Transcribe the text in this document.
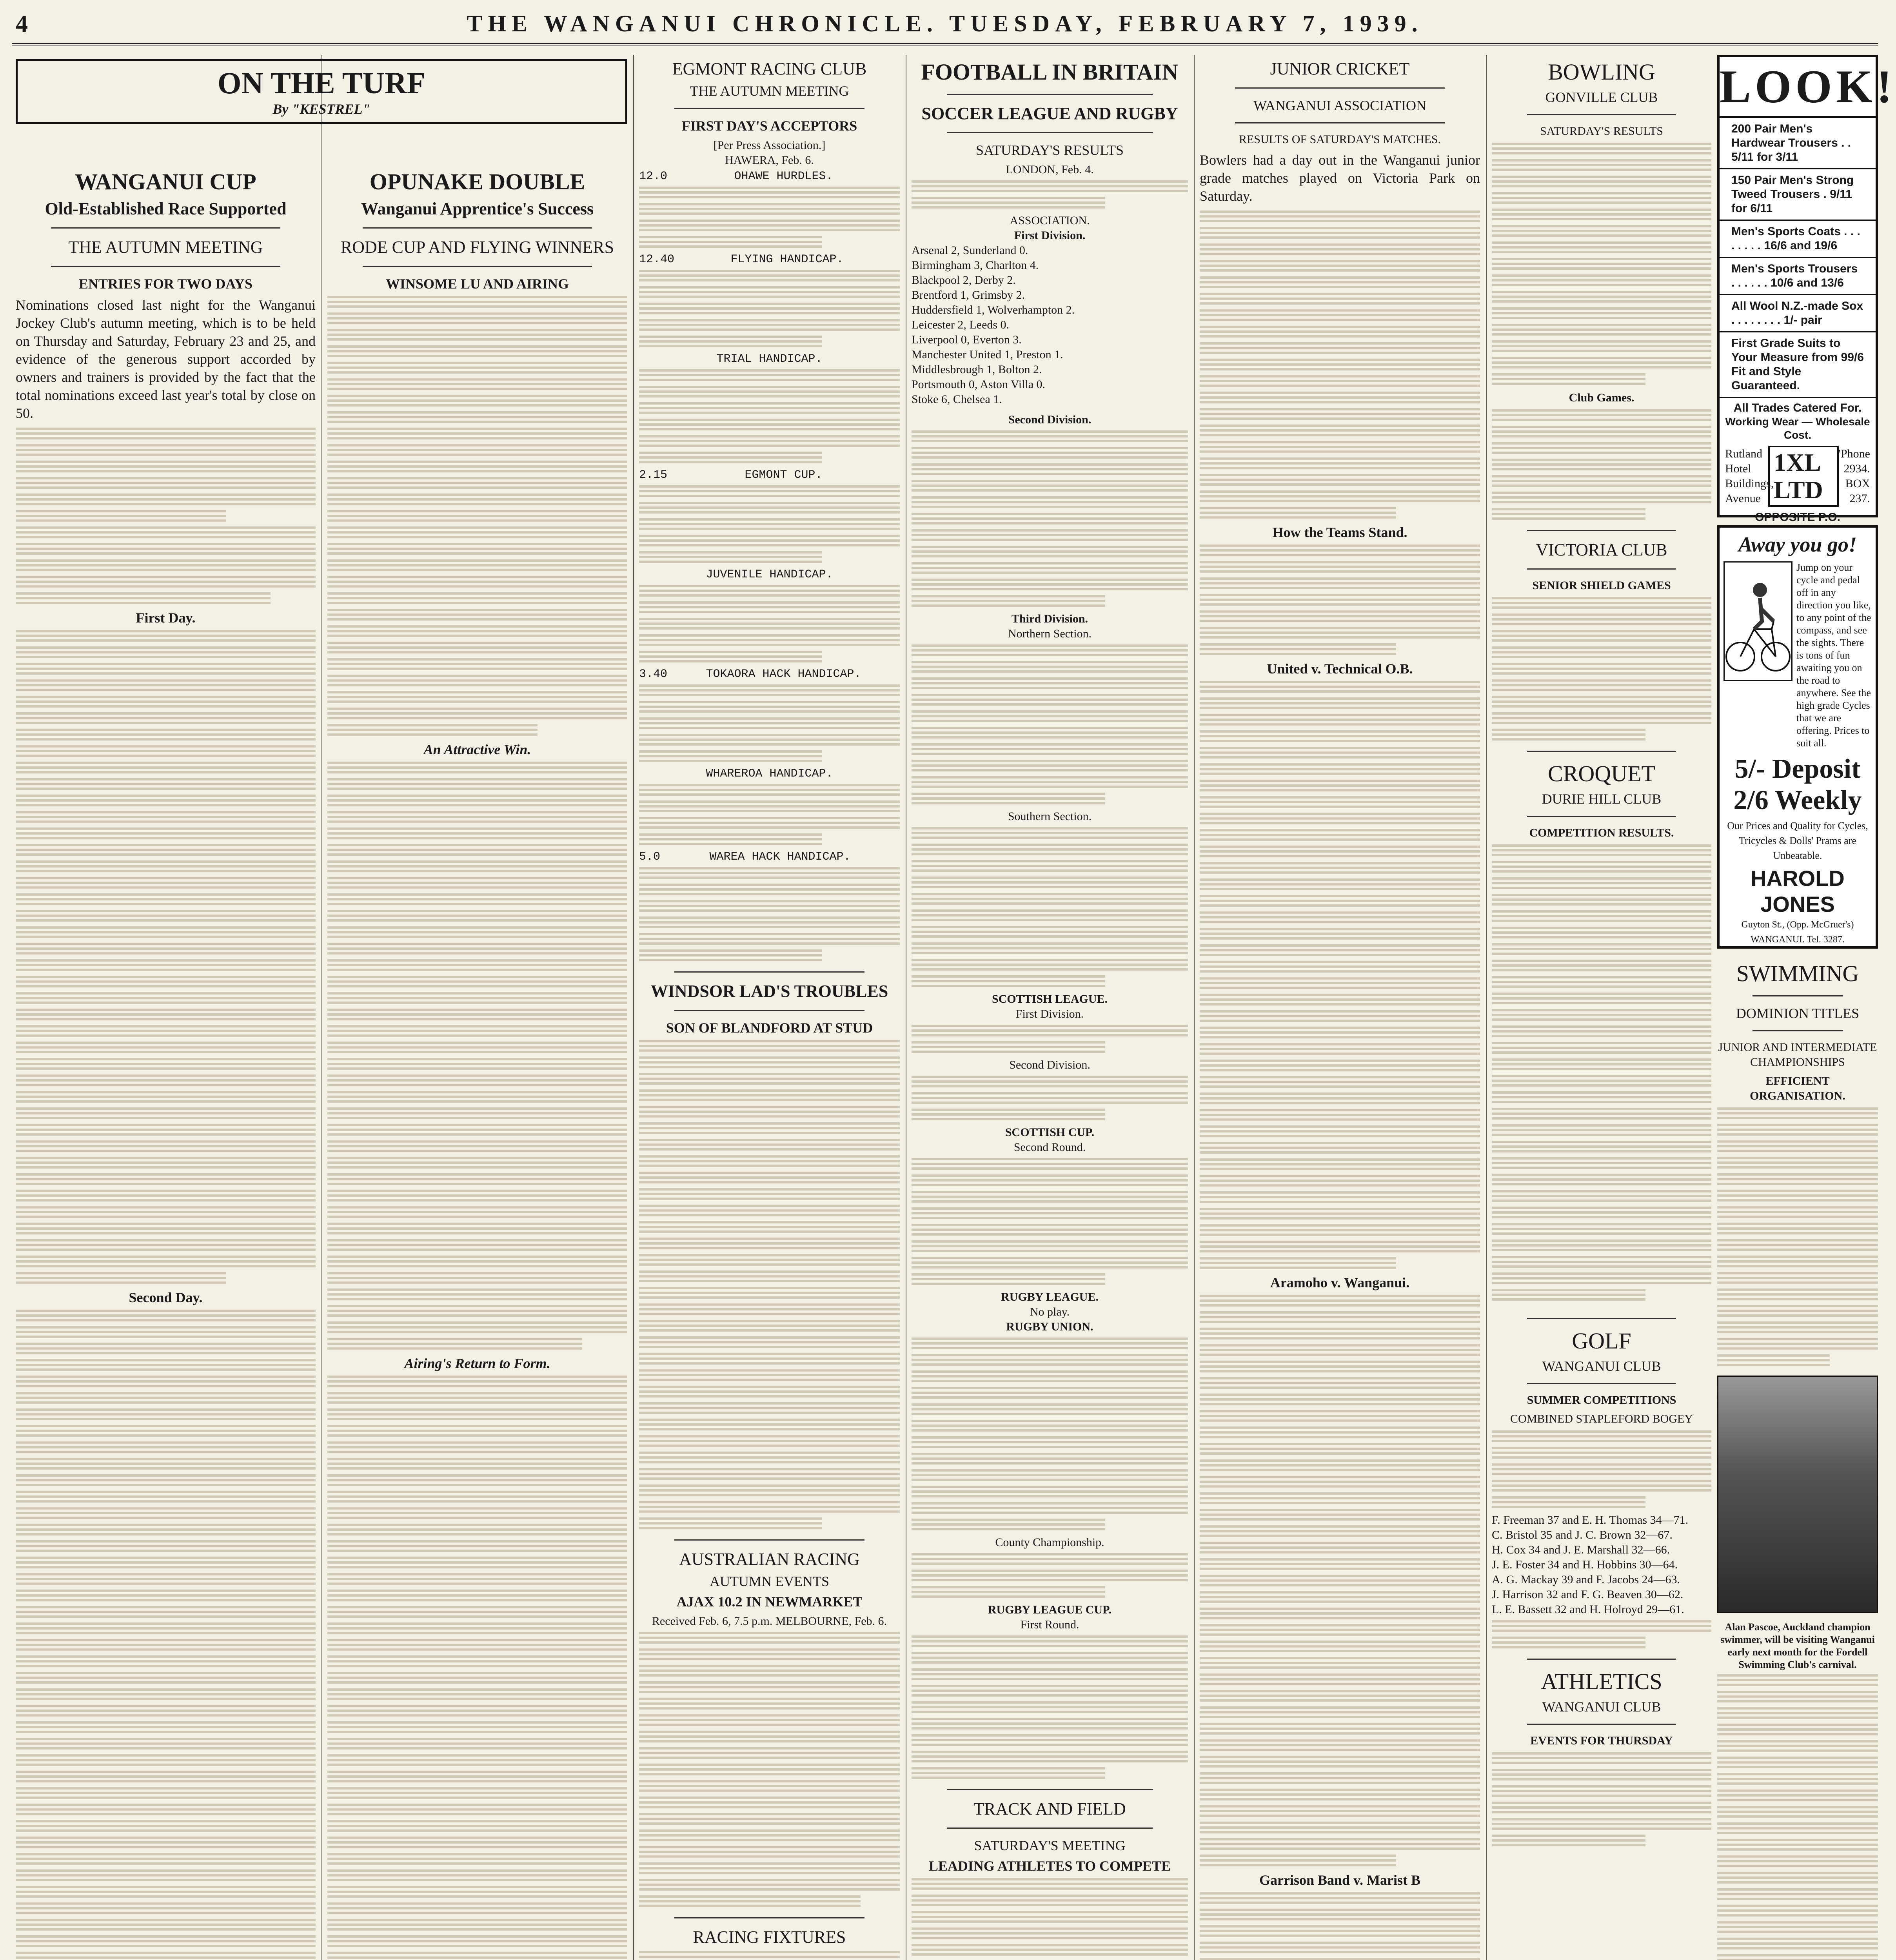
4	THE WANGANUI CHRONICLE. TUESDAY, FEBRUARY 7, 1939.
ON THE TURF
By "KESTREL"
WANGANUI CUP
Old-Established Race Supported
THE AUTUMN MEETING
ENTRIES FOR TWO DAYS

Nominations closed last night for the Wanganui Jockey Club's autumn meeting, which is to be held on Thursday and Saturday, February 23 and 25, and evidence of the generous support accorded by owners and trainers is provided by the fact that the total nominations exceed last year's total by close on 50.

First Day.
Second Day.
OPUNAKE DOUBLE
Wanganui Apprentice's Success
RODE CUP AND FLYING WINNERS
WINSOME LU AND AIRING
An Attractive Win.
Airing's Return to Form.
EGMONT RACING CLUB
THE AUTUMN MEETING
FIRST DAY'S ACCEPTORS
[Per Press Association.]
HAWERA, Feb. 6.
12.0	OHAWE HURDLES.
12.40	FLYING HANDICAP.
TRIAL HANDICAP.
2.15	EGMONT CUP.
JUVENILE HANDICAP.
3.40	TOKAORA HACK HANDICAP.
WHAREROA HANDICAP.
5.0	WAREA HACK HANDICAP.
WINDSOR LAD'S TROUBLES
SON OF BLANDFORD AT STUD
AUSTRALIAN RACING
AUTUMN EVENTS
AJAX 10.2 IN NEWMARKET
Received Feb. 6, 7.5 p.m. MELBOURNE, Feb. 6.
RACING FIXTURES
FOOTBALL IN BRITAIN
SOCCER LEAGUE AND RUGBY
SATURDAY'S RESULTS
LONDON, Feb. 4.
ASSOCIATION.
First Division.
Arsenal 2, Sunderland 0.
Birmingham 3, Charlton 4.
Blackpool 2, Derby 2.
Brentford 1, Grimsby 2.
Huddersfield 1, Wolverhampton 2.
Leicester 2, Leeds 0.
Liverpool 0, Everton 3.
Manchester United 1, Preston 1.
Middlesbrough 1, Bolton 2.
Portsmouth 0, Aston Villa 0.
Stoke 6, Chelsea 1.
Second Division.
Third Division.
Northern Section.
Southern Section.
SCOTTISH LEAGUE.
First Division.
Second Division.
SCOTTISH CUP.
Second Round.
RUGBY LEAGUE.
No play.
RUGBY UNION.
County Championship.
RUGBY LEAGUE CUP.
First Round.
TRACK AND FIELD
SATURDAY'S MEETING
LEADING ATHLETES TO COMPETE
JUNIOR CRICKET
WANGANUI ASSOCIATION
RESULTS OF SATURDAY'S MATCHES.

Bowlers had a day out in the Wanganui junior grade matches played on Victoria Park on Saturday.

How the Teams Stand.
United v. Technical O.B.
Aramoho v. Wanganui.
Garrison Band v. Marist B
BOWLING
GONVILLE CLUB
SATURDAY'S RESULTS
Club Games.
VICTORIA CLUB
SENIOR SHIELD GAMES
CROQUET
DURIE HILL CLUB
COMPETITION RESULTS.
GOLF
WANGANUI CLUB
SUMMER COMPETITIONS
COMBINED STAPLEFORD BOGEY
F. Freeman 37 and E. H. Thomas 34—71.
C. Bristol 35 and J. C. Brown 32—67.
H. Cox 34 and J. E. Marshall 32—66.
J. E. Foster 34 and H. Hobbins 30—64.
A. G. Mackay 39 and F. Jacobs 24—63.
J. Harrison 32 and F. G. Beaven 30—62.
L. E. Bassett 32 and H. Holroyd 29—61.
ATHLETICS
WANGANUI CLUB
EVENTS FOR THURSDAY
LOOK!
200 Pair Men's Hardwear Trousers . . 5/11 for 3/11
150 Pair Men's Strong Tweed Trousers . 9/11 for 6/11
Men's Sports Coats . . . . . . . . 16/6 and 19/6
Men's Sports Trousers . . . . . . 10/6 and 13/6
All Wool N.Z.-made Sox . . . . . . . . 1/- pair
First Grade Suits to Your Measure from 99/6 Fit and Style Guaranteed.
All Trades Catered For.
Working Wear — Wholesale Cost.
Rutland Hotel Buildings, Avenue
1XL LTD
'Phone 2934. BOX 237.
OPPOSITE P.O.
Away you go!
Jump on your cycle and pedal off in any direction you like, to any point of the compass, and see the sights. There is tons of fun awaiting you on the road to anywhere. See the high grade Cycles that we are offering. Prices to suit all.
5/- Deposit
2/6 Weekly
Our Prices and Quality for Cycles, Tricycles & Dolls' Prams are Unbeatable.
HAROLD JONES
Guyton St., (Opp. McGruer's) WANGANUI. Tel. 3287.
SWIMMING
DOMINION TITLES
JUNIOR AND INTERMEDIATE CHAMPIONSHIPS
EFFICIENT ORGANISATION.
Alan Pascoe, Auckland champion swimmer, will be visiting Wanganui early next month for the Fordell Swimming Club's carnival.
